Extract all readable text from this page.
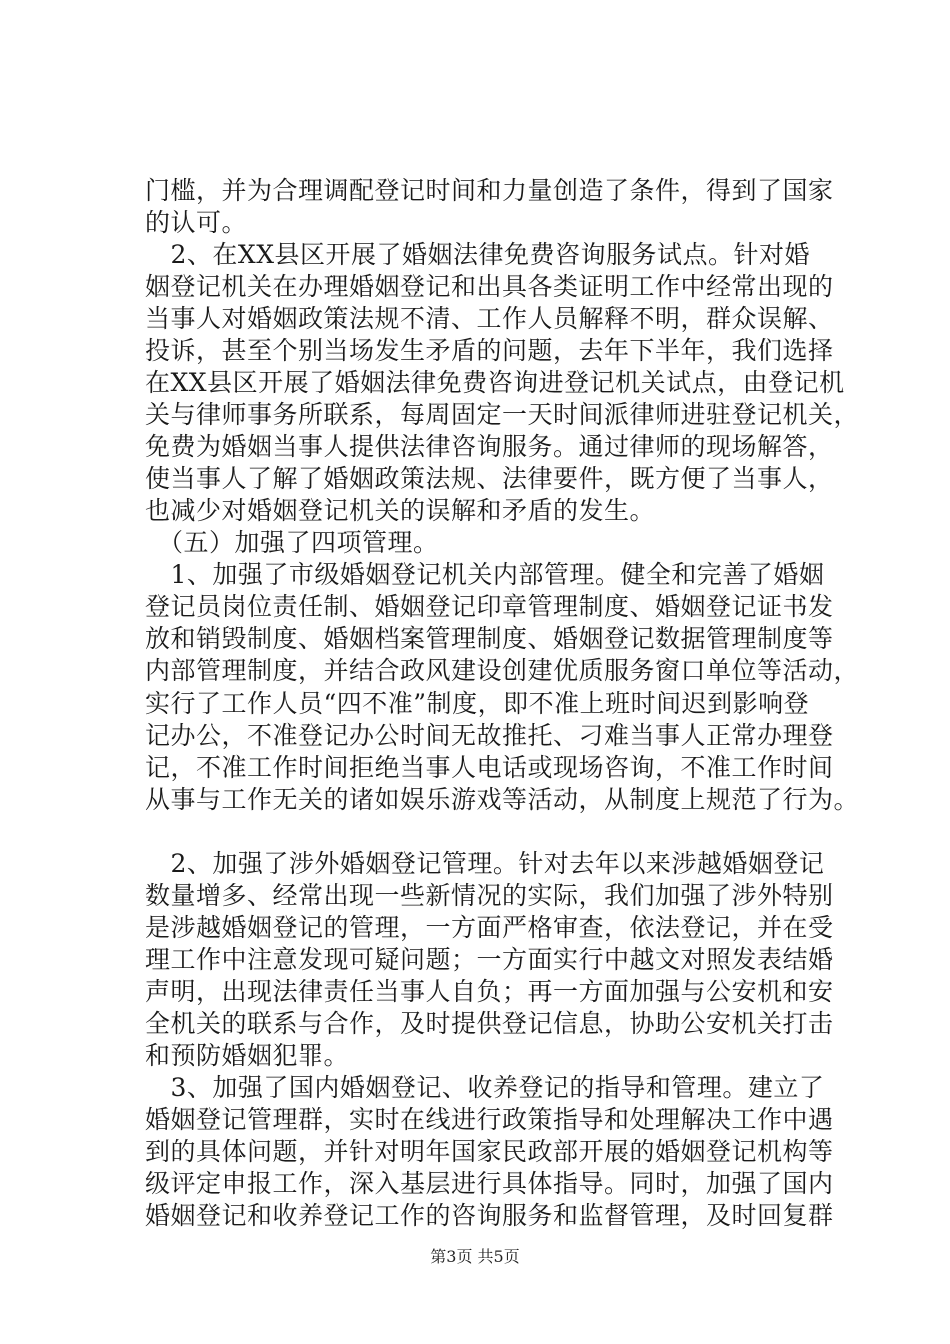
门槛，并为合理调配登记时间和力量创造了条件，得到了国家
的认可。
　2、在XX县区开展了婚姻法律免费咨询服务试点。针对婚
姻登记机关在办理婚姻登记和出具各类证明工作中经常出现的
当事人对婚姻政策法规不清、工作人员解释不明，群众误解、
投诉，甚至个别当场发生矛盾的问题，去年下半年，我们选择
在XX县区开展了婚姻法律免费咨询进登记机关试点，由登记机
关与律师事务所联系，每周固定一天时间派律师进驻登记机关，
免费为婚姻当事人提供法律咨询服务。通过律师的现场解答，
使当事人了解了婚姻政策法规、法律要件，既方便了当事人，
也减少对婚姻登记机关的误解和矛盾的发生。
　（五）加强了四项管理。
　1、加强了市级婚姻登记机关内部管理。健全和完善了婚姻
登记员岗位责任制、婚姻登记印章管理制度、婚姻登记证书发
放和销毁制度、婚姻档案管理制度、婚姻登记数据管理制度等
内部管理制度，并结合政风建设创建优质服务窗口单位等活动，
实行了工作人员“四不准”制度，即不准上班时间迟到影响登
记办公，不准登记办公时间无故推托、刁难当事人正常办理登
记，不准工作时间拒绝当事人电话或现场咨询，不准工作时间
从事与工作无关的诸如娱乐游戏等活动，从制度上规范了行为。
　2、加强了涉外婚姻登记管理。针对去年以来涉越婚姻登记
数量增多、经常出现一些新情况的实际，我们加强了涉外特别
是涉越婚姻登记的管理，一方面严格审查，依法登记，并在受
理工作中注意发现可疑问题；一方面实行中越文对照发表结婚
声明，出现法律责任当事人自负；再一方面加强与公安机和安
全机关的联系与合作，及时提供登记信息，协助公安机关打击
和预防婚姻犯罪。
　3、加强了国内婚姻登记、收养登记的指导和管理。建立了
婚姻登记管理群，实时在线进行政策指导和处理解决工作中遇
到的具体问题，并针对明年国家民政部开展的婚姻登记机构等
级评定申报工作，深入基层进行具体指导。同时，加强了国内
婚姻登记和收养登记工作的咨询服务和监督管理，及时回复群
第3页 共5页
